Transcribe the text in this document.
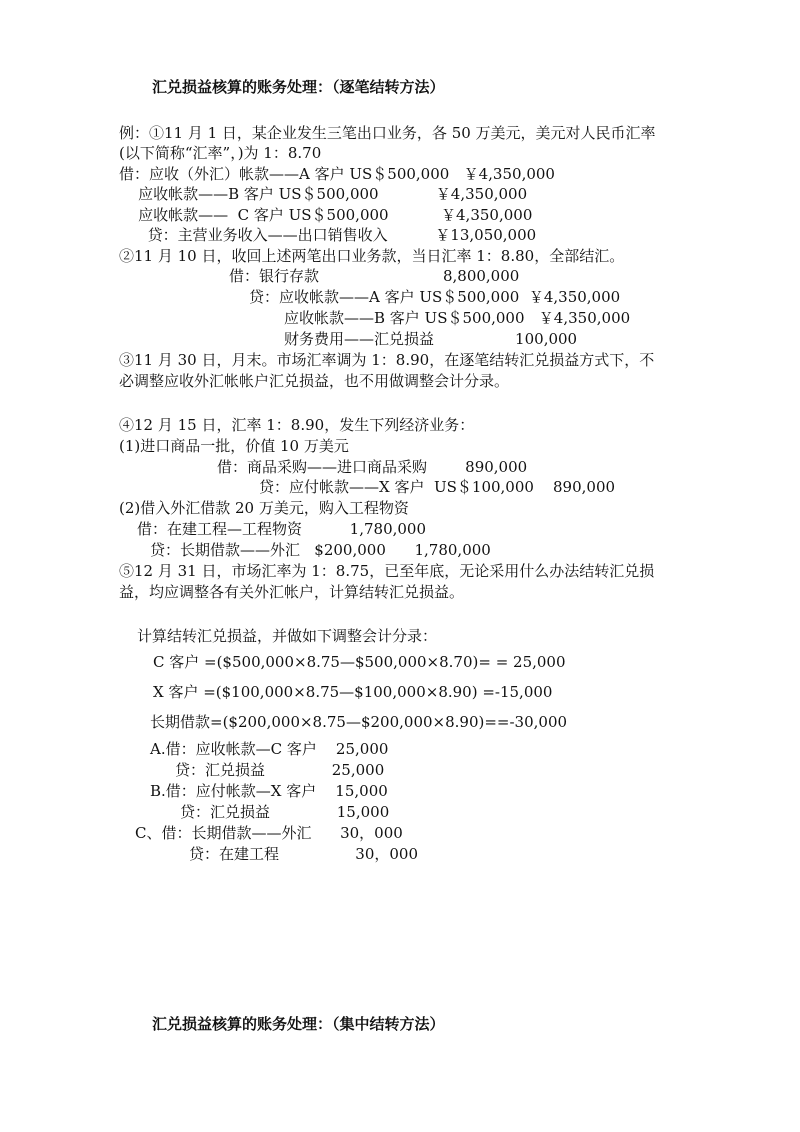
汇兑损益核算的账务处理：（逐笔结转方法）
例：①11 月 1 日，某企业发生三笔出口业务，各 50 万美元，美元对人民币汇率
(以下简称“汇率”，)为 1：8.70
借：应收（外汇）帐款——A 客户 US＄500,000   ￥4,350,000
应收帐款——B 客户 US＄500,000            ￥4,350,000
应收帐款——  C 客户 US＄500,000           ￥4,350,000
贷：主营业务收入——出口销售收入          ￥13,050,000
②11 月 10 日，收回上述两笔出口业务款，当日汇率 1：8.80，全部结汇。
借：银行存款                          8,800,000
贷：应收帐款——A 客户 US＄500,000  ￥4,350,000
应收帐款——B 客户 US＄500,000   ￥4,350,000
财务费用——汇兑损益                 100,000
③11 月 30 日，月末。市场汇率调为 1：8.90，在逐笔结转汇兑损益方式下，不
必调整应收外汇帐帐户汇兑损益，也不用做调整会计分录。
④12 月 15 日，汇率 1：8.90，发生下列经济业务：
(1)进口商品一批，价值 10 万美元
借：商品采购——进口商品采购        890,000
贷：应付帐款——X 客户  US＄100,000    890,000
(2)借入外汇借款 20 万美元，购入工程物资
借：在建工程—工程物资          1,780,000
贷：长期借款——外汇   $200,000      1,780,000
⑤12 月 31 日，市场汇率为 1：8.75，已至年底，无论采用什么办法结转汇兑损
益，均应调整各有关外汇帐户，计算结转汇兑损益。
计算结转汇兑损益，并做如下调整会计分录：
C 客户 =($500,000×8.75—$500,000×8.70)= = 25,000
X 客户 =($100,000×8.75—$100,000×8.90) =-15,000
长期借款=($200,000×8.75—$200,000×8.90)==-30,000
A.借：应收帐款—C 客户    25,000
贷：汇兑损益              25,000
B.借：应付帐款—X 客户    15,000
贷：汇兑损益              15,000
C、借：长期借款——外汇      30，000
贷：在建工程                30，000
汇兑损益核算的账务处理：（集中结转方法）
